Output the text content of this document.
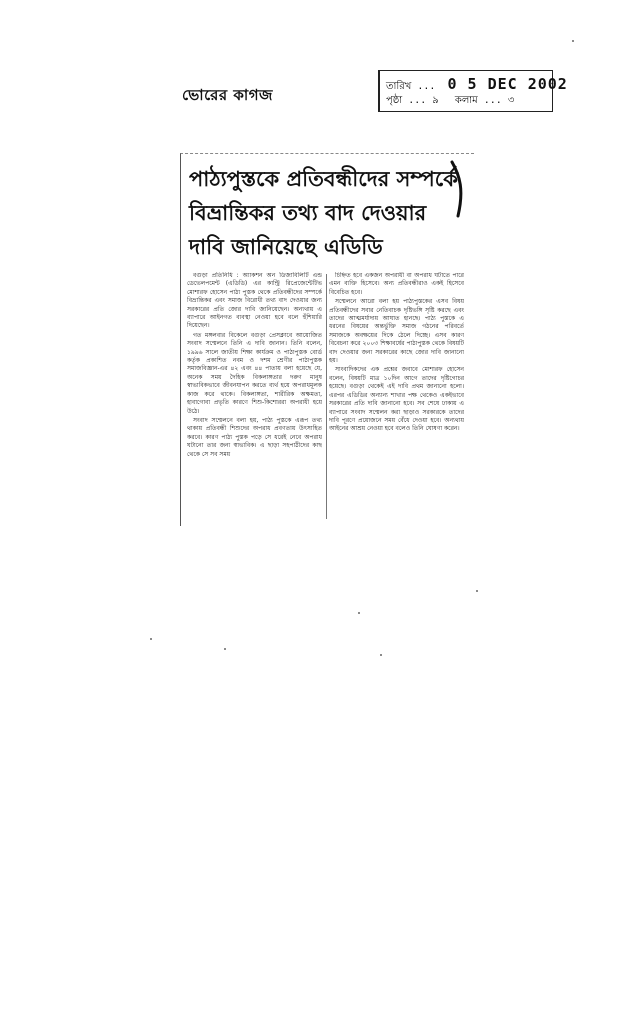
ভোরের কাগজ	তারিখ ... 0 5 DEC 2002
পৃষ্ঠা ... ৯ কলাম ... ৩
পাঠ্যপুস্তকে প্রতিবন্ধীদের সম্পর্কে
বিভ্রান্তিকর তথ্য বাদ দেওয়ার
দাবি জানিয়েছে এডিডি

বগুড়া প্রতিনিধি : অ্যাকশন অন ডিজাবিলিটি এন্ড ডেভেলপমেন্ট (এডিডি) এর কান্ট্রি রিপ্রেজেন্টেটিভ মোশারফ হোসেন পাঠ্য পুস্তক থেকে প্রতিবন্ধীদের সম্পর্কে বিভ্রান্তিকর এবং সমাজ বিরোধী তথ্য বাদ দেওয়ার জন্য সরকারের প্রতি জোর দাবি জানিয়েছেন। অন্যথায় এ ব্যাপারে আইনগত ব্যবস্থা নেওয়া হবে বলে হুঁশিয়ারি দিয়েছেন।

গত মঙ্গলবার বিকেলে বগুড়া প্রেসক্লাবে আয়োজিত সংবাদ সম্মেলনে তিনি এ দাবি জানান। তিনি বলেন, ১৯৯৬ সালে জাতীয় শিক্ষা কার্যক্রম ও পাঠ্যপুস্তক বোর্ড কর্তৃক প্রকাশিত নবম ও দশম শ্রেণীর পাঠ্যপুস্তক সমাজবিজ্ঞান-এর ৪২ এবং ৪৪ পাতায় বলা হয়েছে যে, অনেক সময় দৈহিক বিকলাঙ্গতার দরুণ মানুষ স্বাভাবিকভাবে জীবনযাপন করতে ব্যর্থ হয়ে অপরাধমূলক কাজ করে থাকে। বিকলাঙ্গতা, শারীরিক অক্ষমতা, হাবাগোবা প্রভৃতি কারণে শিশু-কিশোররা অপরাধী হয়ে উঠে।

সংবাদ সম্মেলনে বলা হয়, পাঠ্য পুস্তকে এরূপ তথ্য থাকায় প্রতিবন্ধী শিশুদের অপরাধ প্রবণতায় উৎসাহিত করবে। কারণ পাঠ্য পুস্তক পড়ে সে ধরেই নেবে অপরাধ ঘটানো তার জন্য স্বাভাবিক। এ ছাড়া সহপাঠীদের কাছ থেকে সে সব সময়

চিহ্নিত হবে একজন অপরাধী বা অপরাধ ঘটাতে পারে এমন ব্যক্তি হিসেবে। অন্য প্রতিবন্ধীরাও একই হিসেবে বিবেচিত হবে।

সম্মেলনে আরো বলা হয় পাঠ্যপুস্তকের এসব বিষয় প্রতিবন্ধীদের সবার নেতিবাচক দৃষ্টিভঙ্গি সৃষ্টি করছে এবং তাদের আত্মমর্যাদায় আঘাত হানছে। পাঠ্য পুস্তকে এ ধরনের বিষয়ের অন্তর্ভুক্তি সমাজ গঠনের পরিবর্তে সমাজকে অবক্ষয়ের দিকে ঠেলে দিচ্ছে। এসব কারণ বিবেচনা করে ২০০৩ শিক্ষাবর্ষের পাঠ্যপুস্তক থেকে বিষয়টি বাদ দেওয়ার জন্য সরকারের কাছে জোর দাবি জানানো হয়।

সাংবাদিকদের এক প্রশ্নের জবাবে মোশারফ হোসেন বলেন, বিষয়টি মাত্র ১০দিন আগে তাদের দৃষ্টিগোচর হয়েছে। বগুড়া থেকেই এই দাবি প্রথম জানানো হলো। এরপর এডিডির অন্যান্য শাখার পক্ষ থেকেও একইভাবে সরকারের প্রতি দাবি জানানো হবে। সব শেষে ঢাকায় এ ব্যাপারে সংবাদ সম্মেলন করা ছাড়াও সরকারকে তাদের দাবি পূরণে প্রয়োজনে সময় বেঁধে দেওয়া হবে। অন্যথায় আইনের আশ্রয় নেওয়া হবে বলেও তিনি ঘোষণা করেন।
